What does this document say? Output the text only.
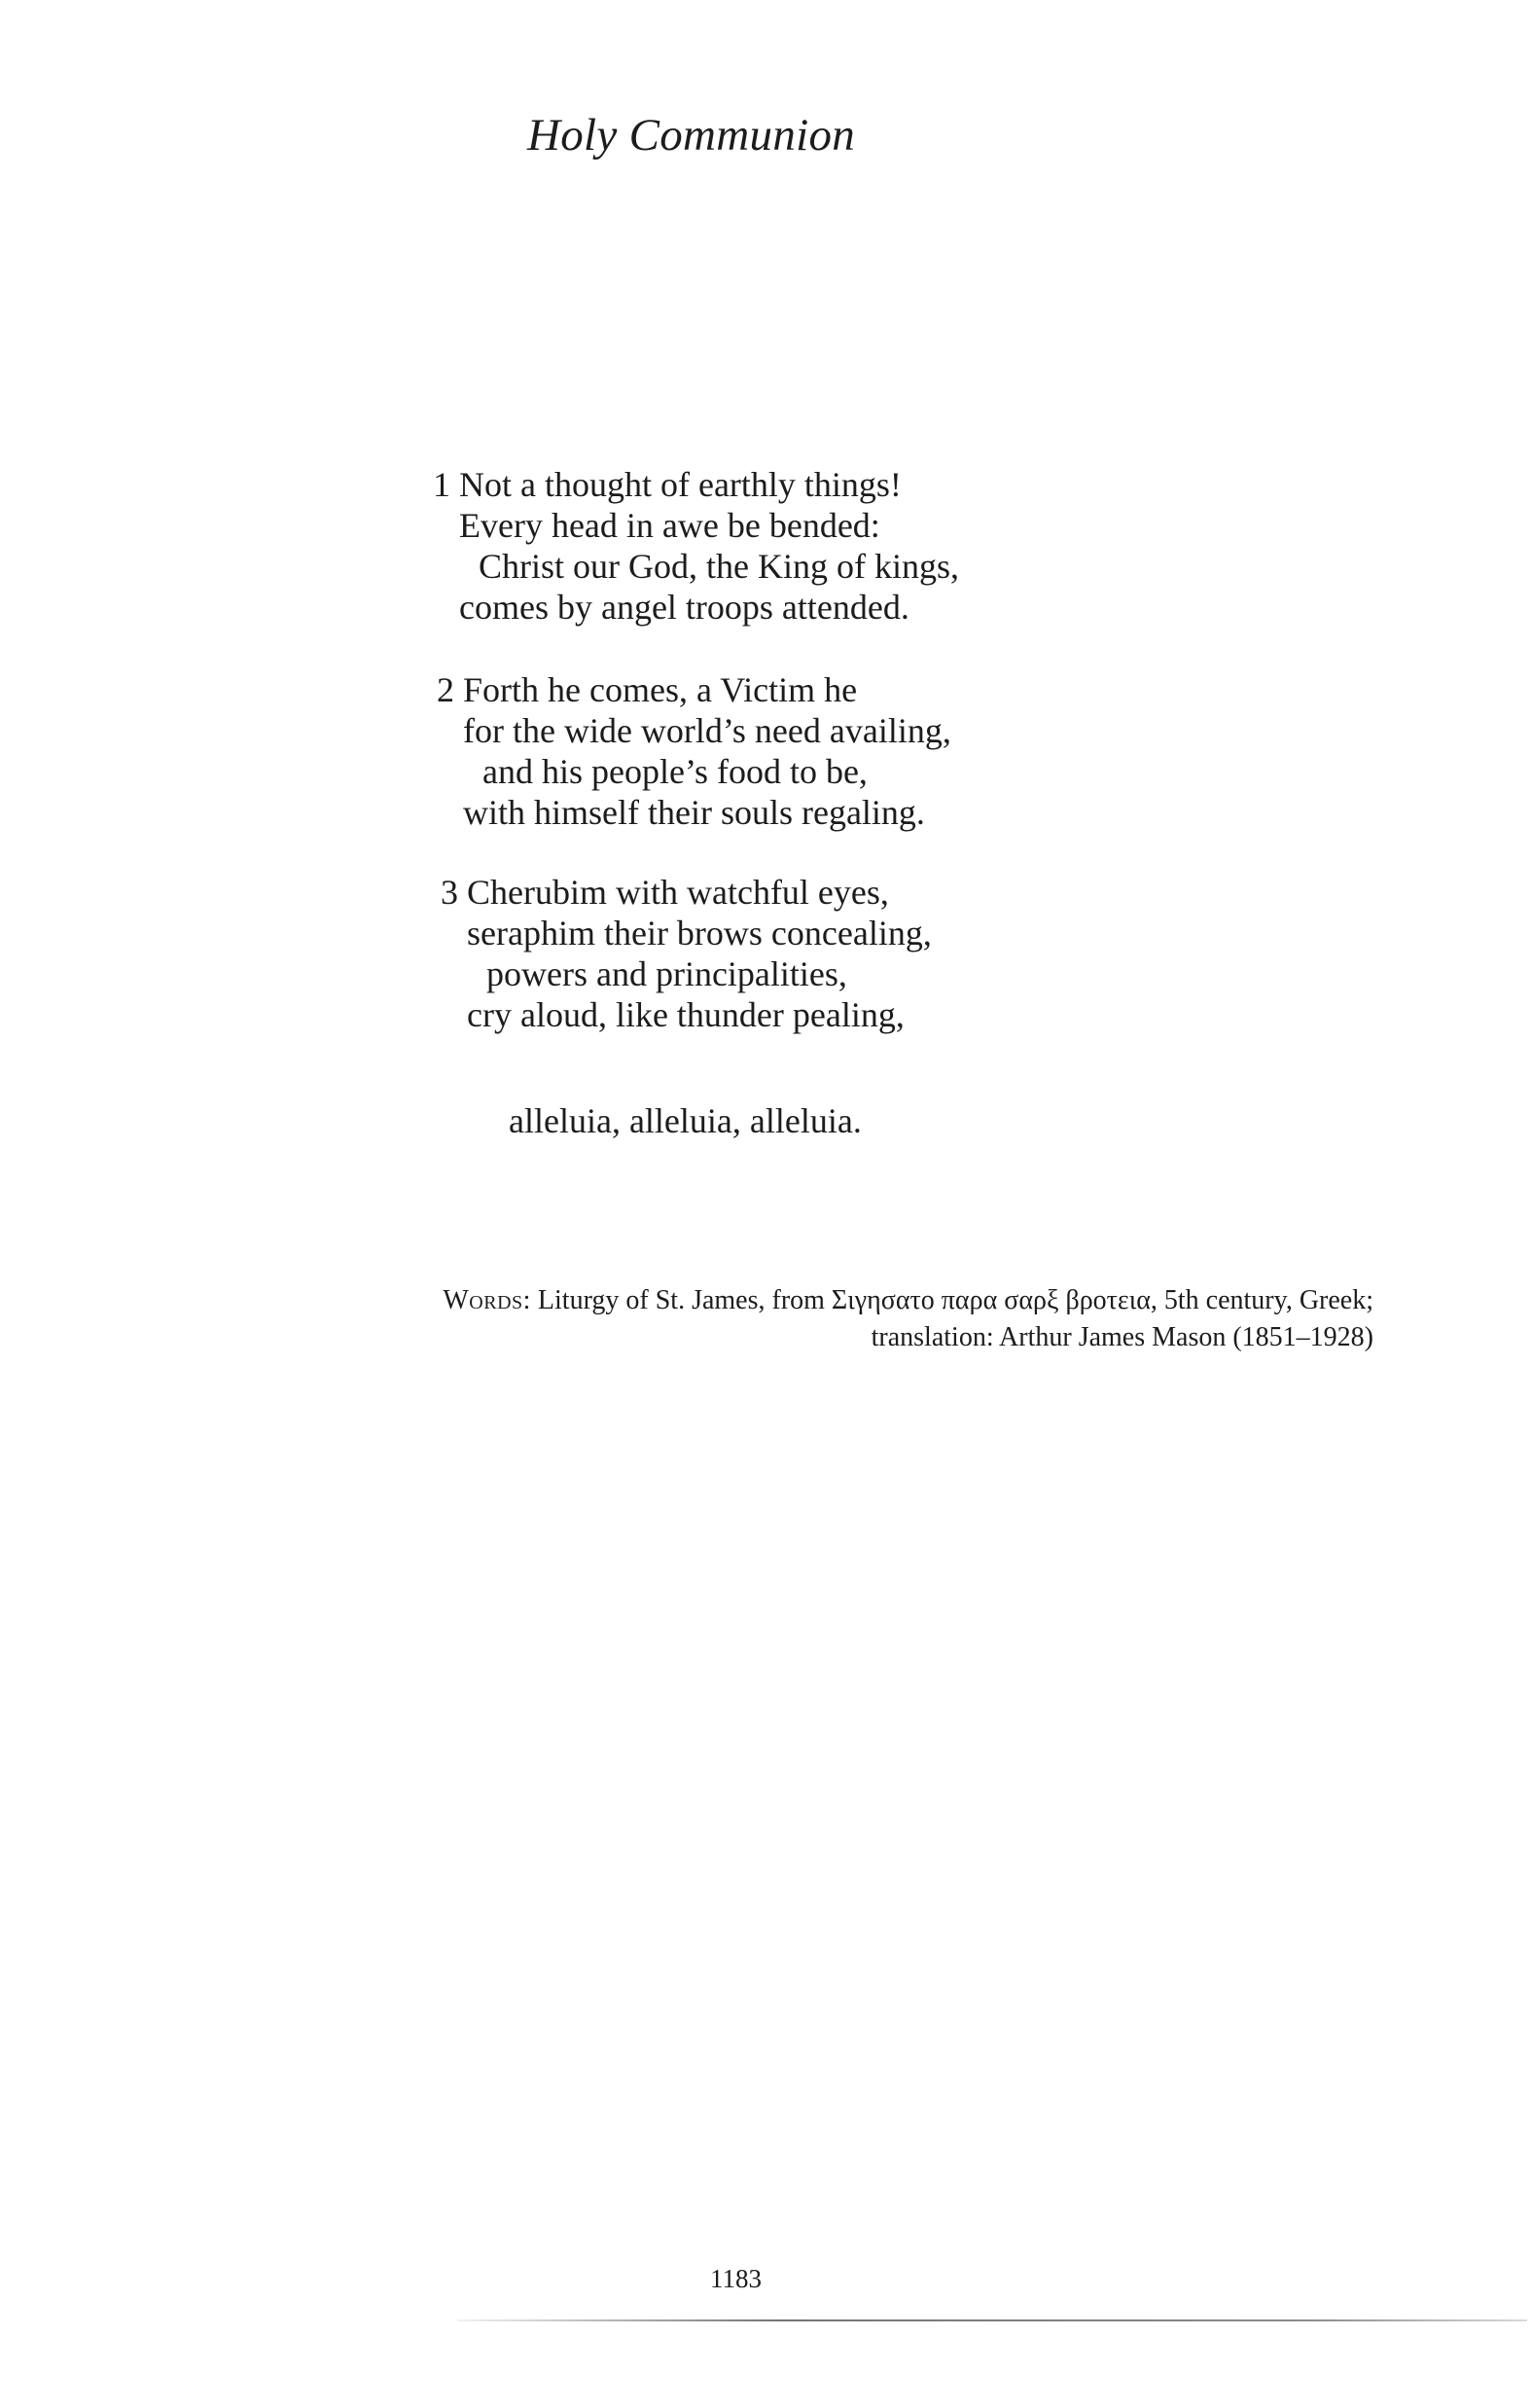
Holy Communion
1 Not a thought of earthly things!
Every head in awe be bended:
Christ our God, the King of kings,
comes by angel troops attended.
2 Forth he comes, a Victim he
for the wide world’s need availing,
and his people’s food to be,
with himself their souls regaling.
3 Cherubim with watchful eyes,
seraphim their brows concealing,
powers and principalities,
cry aloud, like thunder pealing,
alleluia, alleluia, alleluia.
Words: Liturgy of St. James, from Σιγησατο παρα σαρξ βροτεια, 5th century, Greek;
translation: Arthur James Mason (1851–1928)
1183
